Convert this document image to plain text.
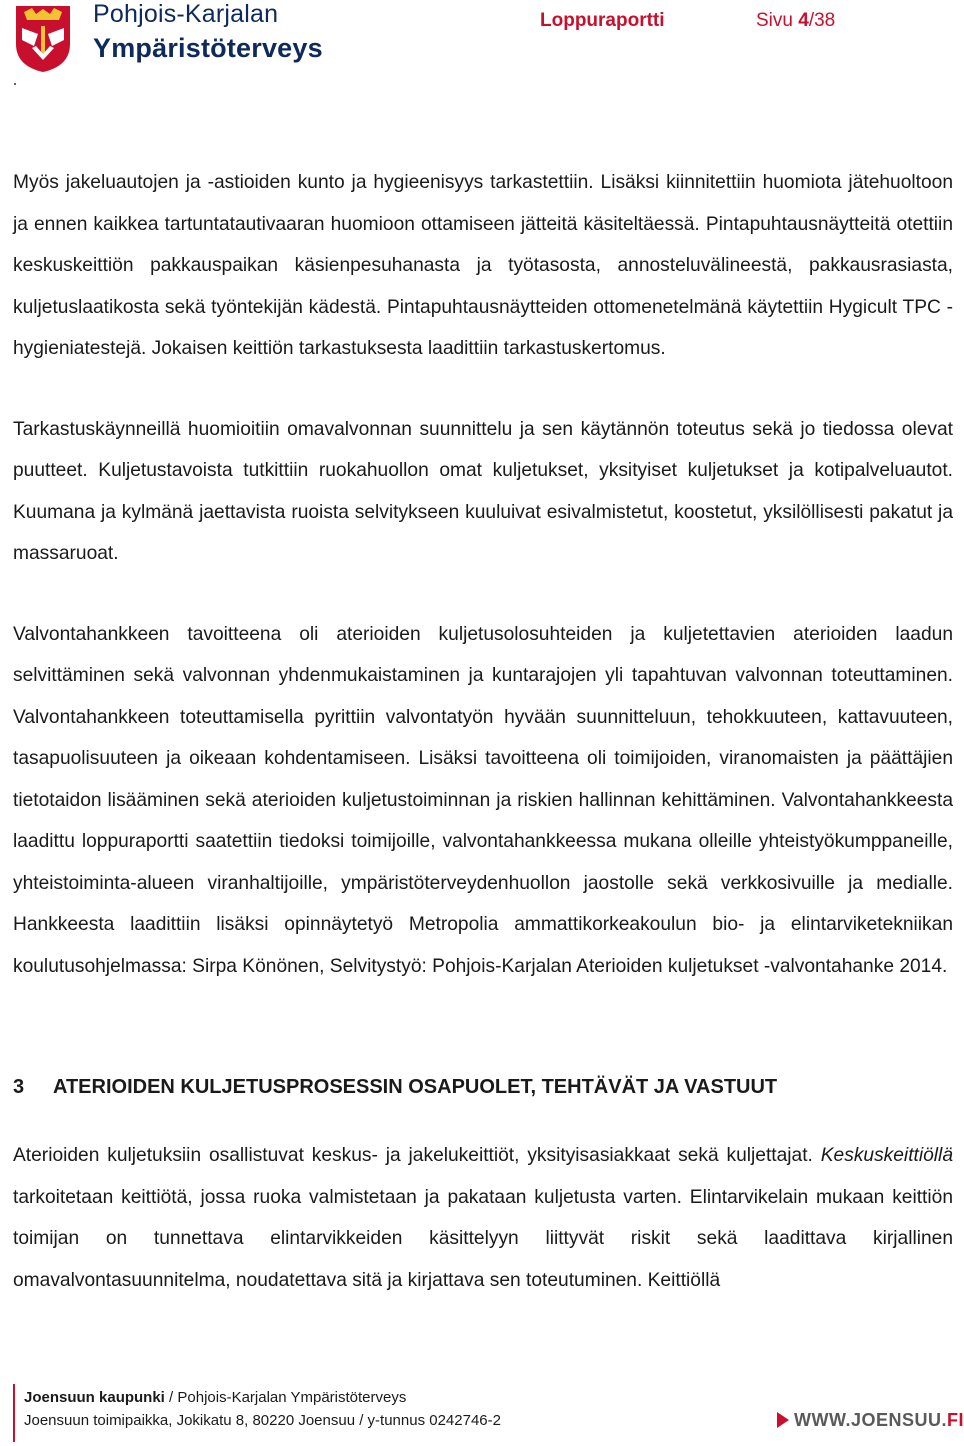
Pohjois-Karjalan
Ympäristöterveys
Loppuraportti	Sivu 4/38

Myös jakeluautojen ja -astioiden kunto ja hygieenisyys tarkastettiin. Lisäksi kiinnitettiin huomiota jätehuoltoon ja ennen kaikkea tartuntatautivaaran huomioon ottamiseen jätteitä käsiteltäessä. Pintapuhtausnäytteitä otettiin keskuskeittiön pakkauspaikan käsienpesuhanasta ja työtasosta, annosteluvälineestä, pakkausrasiasta, kuljetuslaatikosta sekä työntekijän kädestä. Pintapuhtausnäytteiden ottomenetelmänä käytettiin Hygicult TPC -hygieniatestejä. Jokaisen keittiön tarkastuksesta laadittiin tarkastuskertomus.

Tarkastuskäynneillä huomioitiin omavalvonnan suunnittelu ja sen käytännön toteutus sekä jo tiedossa olevat puutteet. Kuljetustavoista tutkittiin ruokahuollon omat kuljetukset, yksityiset kuljetukset ja kotipalveluautot. Kuumana ja kylmänä jaettavista ruoista selvitykseen kuuluivat esivalmistetut, koostetut, yksilöllisesti pakatut ja massaruoat.

Valvontahankkeen tavoitteena oli aterioiden kuljetusolosuhteiden ja kuljetettavien aterioiden laadun selvittäminen sekä valvonnan yhdenmukaistaminen ja kuntarajojen yli tapahtuvan valvonnan toteuttaminen. Valvontahankkeen toteuttamisella pyrittiin valvontatyön hyvään suunnitteluun, tehokkuuteen, kattavuuteen, tasapuolisuuteen ja oikeaan kohdentamiseen. Lisäksi tavoitteena oli toimijoiden, viranomaisten ja päättäjien tietotaidon lisääminen sekä aterioiden kuljetustoiminnan ja riskien hallinnan kehittäminen. Valvontahankkeesta laadittu loppuraportti saatettiin tiedoksi toimijoille, valvontahankkeessa mukana olleille yhteistyökumppaneille, yhteistoiminta-alueen viranhaltijoille, ympäristöterveydenhuollon jaostolle sekä verkkosivuille ja medialle. Hankkeesta laadittiin lisäksi opinnäytetyö Metropolia ammattikorkeakoulun bio- ja elintarviketekniikan koulutusohjelmassa: Sirpa Könönen, Selvitystyö: Pohjois-Karjalan Aterioiden kuljetukset -valvontahanke 2014.

3	ATERIOIDEN KULJETUSPROSESSIN OSAPUOLET, TEHTÄVÄT JA VASTUUT

Aterioiden kuljetuksiin osallistuvat keskus- ja jakelukeittiöt, yksityisasiakkaat sekä kuljettajat. Keskuskeittiöllä tarkoitetaan keittiötä, jossa ruoka valmistetaan ja pakataan kuljetusta varten. Elintarvikelain mukaan keittiön toimijan on tunnettava elintarvikkeiden käsittelyyn liittyvät riskit sekä laadittava kirjallinen omavalvontasuunnitelma, noudatettava sitä ja kirjattava sen toteutuminen. Keittiöllä

Joensuun kaupunki / Pohjois-Karjalan Ympäristöterveys
Joensuun toimipaikka, Jokikatu 8, 80220 Joensuu / y-tunnus 0242746-2	WWW.JOENSUU.FI
